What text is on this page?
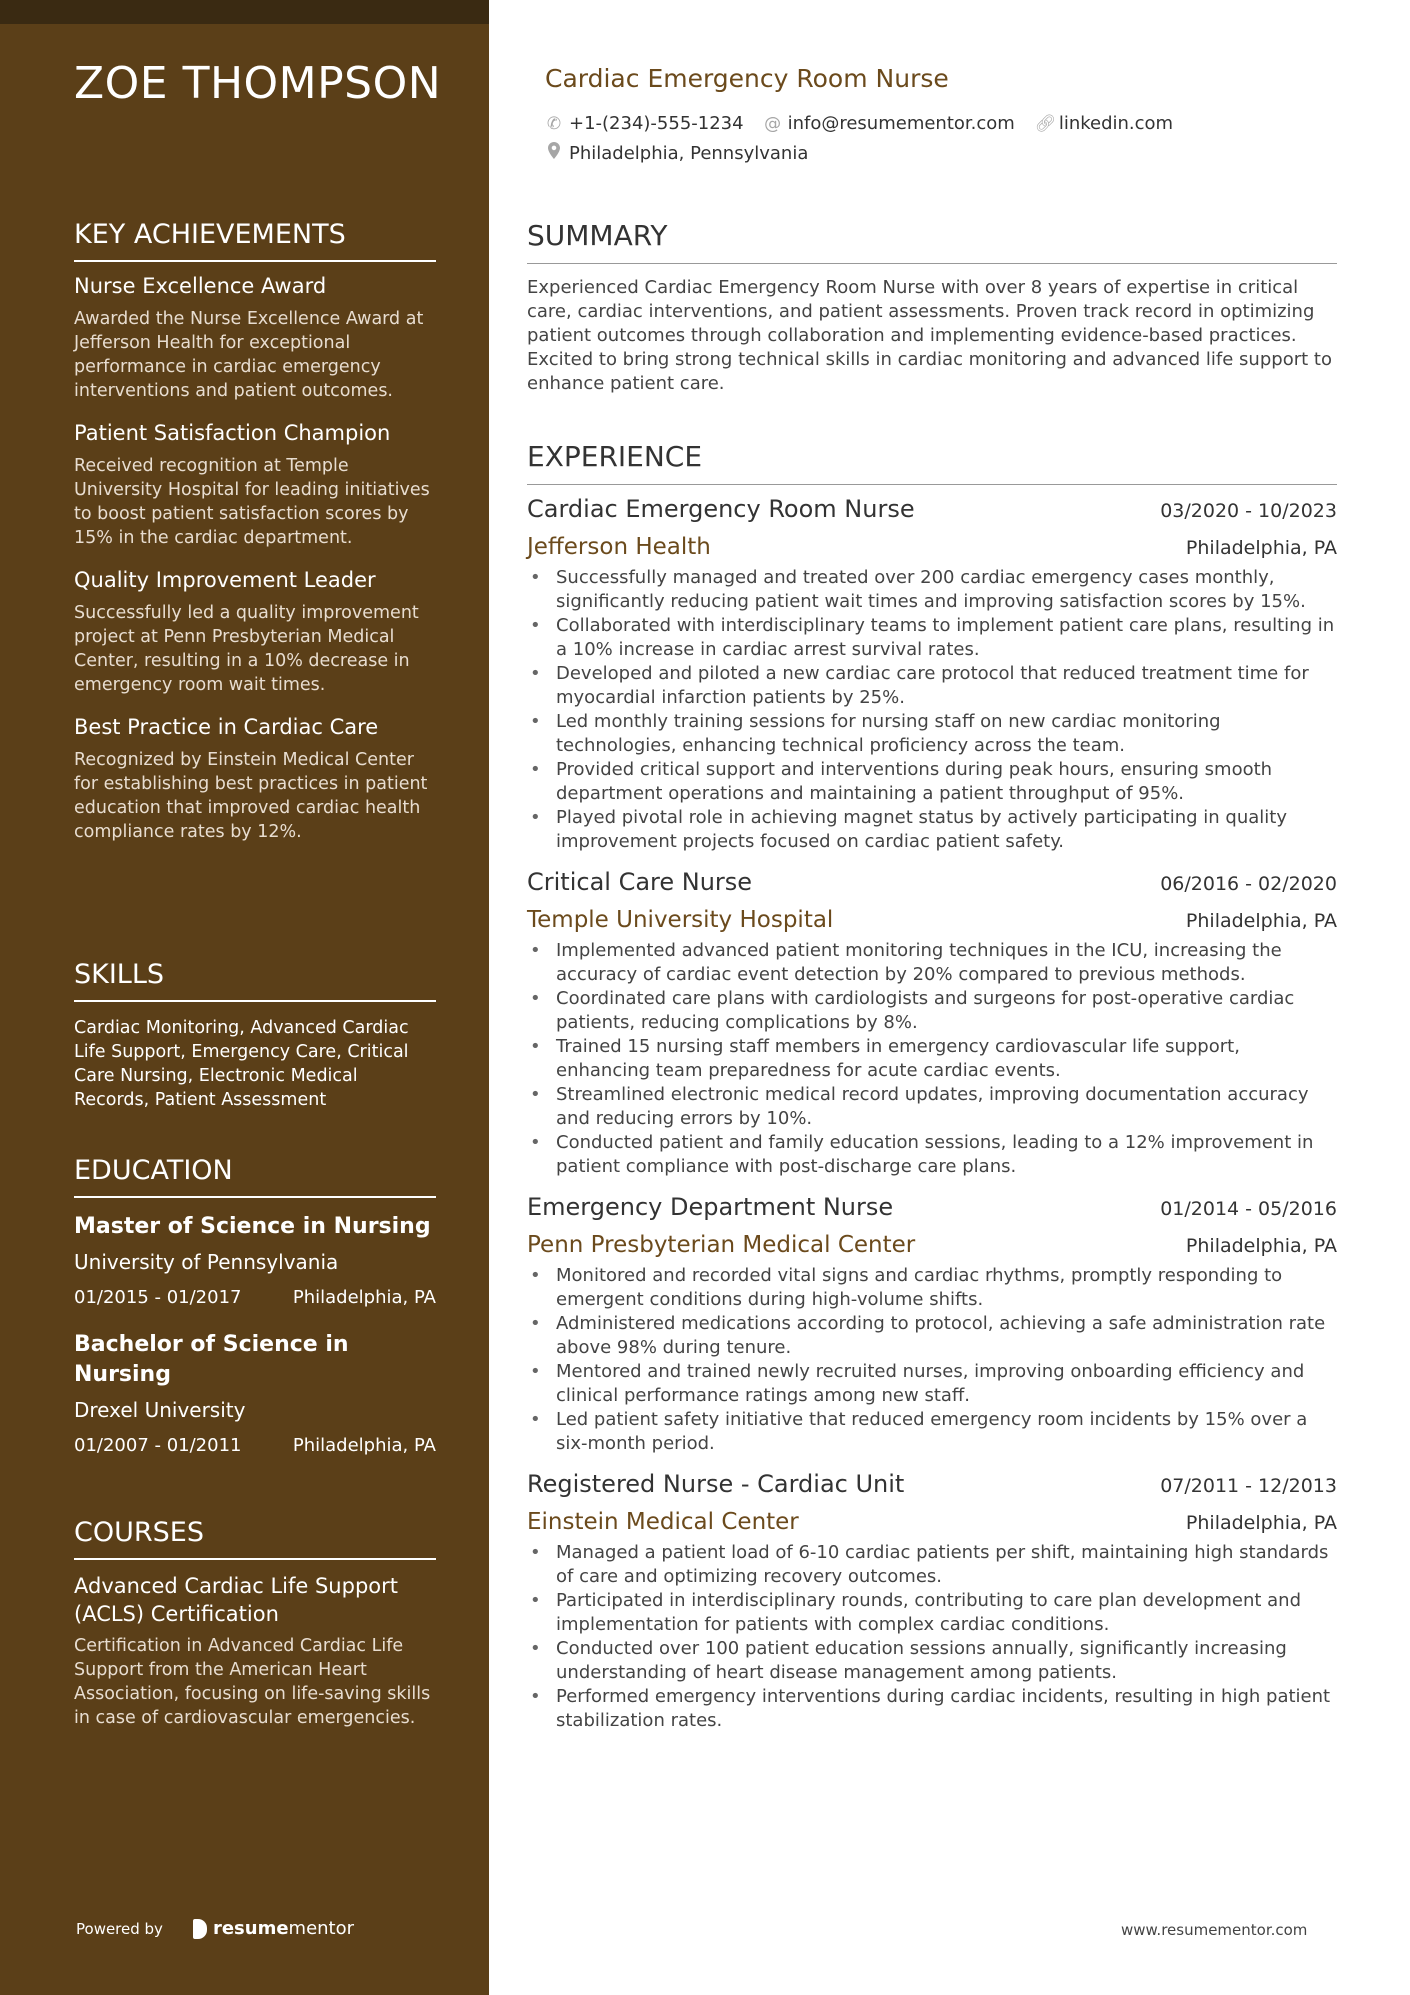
ZOE THOMPSON
KEY ACHIEVEMENTS
Nurse Excellence Award
Awarded the Nurse Excellence Award at Jefferson Health for exceptional performance in cardiac emergency interventions and patient outcomes.
Patient Satisfaction Champion
Received recognition at Temple University Hospital for leading initiatives to boost patient satisfaction scores by 15% in the cardiac department.
Quality Improvement Leader
Successfully led a quality improvement project at Penn Presbyterian Medical Center, resulting in a 10% decrease in emergency room wait times.
Best Practice in Cardiac Care
Recognized by Einstein Medical Center for establishing best practices in patient education that improved cardiac health compliance rates by 12%.
SKILLS
Cardiac Monitoring, Advanced Cardiac Life Support, Emergency Care, Critical Care Nursing, Electronic Medical Records, Patient Assessment
EDUCATION
Master of Science in Nursing
University of Pennsylvania
01/2015 - 01/2017	Philadelphia, PA
Bachelor of Science in Nursing
Drexel University
01/2007 - 01/2011	Philadelphia, PA
COURSES
Advanced Cardiac Life Support (ACLS) Certification
Certification in Advanced Cardiac Life Support from the American Heart Association, focusing on life-saving skills in case of cardiovascular emergencies.
Powered by	resume mentor
Cardiac Emergency Room Nurse
✆ +1-(234)-555-1234 @ info@resumementor.com 🔗︎ linkedin.com
Philadelphia, Pennsylvania
SUMMARY
Experienced Cardiac Emergency Room Nurse with over 8 years of expertise in critical care, cardiac interventions, and patient assessments. Proven track record in optimizing patient outcomes through collaboration and implementing evidence-based practices. Excited to bring strong technical skills in cardiac monitoring and advanced life support to enhance patient care.
EXPERIENCE
Cardiac Emergency Room Nurse	03/2020 - 10/2023
Jefferson Health	Philadelphia, PA
• Successfully managed and treated over 200 cardiac emergency cases monthly, significantly reducing patient wait times and improving satisfaction scores by 15%.
• Collaborated with interdisciplinary teams to implement patient care plans, resulting in a 10% increase in cardiac arrest survival rates.
• Developed and piloted a new cardiac care protocol that reduced treatment time for myocardial infarction patients by 25%.
• Led monthly training sessions for nursing staff on new cardiac monitoring technologies, enhancing technical proficiency across the team.
• Provided critical support and interventions during peak hours, ensuring smooth department operations and maintaining a patient throughput of 95%.
• Played pivotal role in achieving magnet status by actively participating in quality improvement projects focused on cardiac patient safety.
Critical Care Nurse	06/2016 - 02/2020
Temple University Hospital	Philadelphia, PA
• Implemented advanced patient monitoring techniques in the ICU, increasing the accuracy of cardiac event detection by 20% compared to previous methods.
• Coordinated care plans with cardiologists and surgeons for post-operative cardiac patients, reducing complications by 8%.
• Trained 15 nursing staff members in emergency cardiovascular life support, enhancing team preparedness for acute cardiac events.
• Streamlined electronic medical record updates, improving documentation accuracy and reducing errors by 10%.
• Conducted patient and family education sessions, leading to a 12% improvement in patient compliance with post-discharge care plans.
Emergency Department Nurse	01/2014 - 05/2016
Penn Presbyterian Medical Center	Philadelphia, PA
• Monitored and recorded vital signs and cardiac rhythms, promptly responding to emergent conditions during high-volume shifts.
• Administered medications according to protocol, achieving a safe administration rate above 98% during tenure.
• Mentored and trained newly recruited nurses, improving onboarding efficiency and clinical performance ratings among new staff.
• Led patient safety initiative that reduced emergency room incidents by 15% over a six-month period.
Registered Nurse - Cardiac Unit	07/2011 - 12/2013
Einstein Medical Center	Philadelphia, PA
• Managed a patient load of 6-10 cardiac patients per shift, maintaining high standards of care and optimizing recovery outcomes.
• Participated in interdisciplinary rounds, contributing to care plan development and implementation for patients with complex cardiac conditions.
• Conducted over 100 patient education sessions annually, significantly increasing understanding of heart disease management among patients.
• Performed emergency interventions during cardiac incidents, resulting in high patient stabilization rates.
www.resumementor.com
